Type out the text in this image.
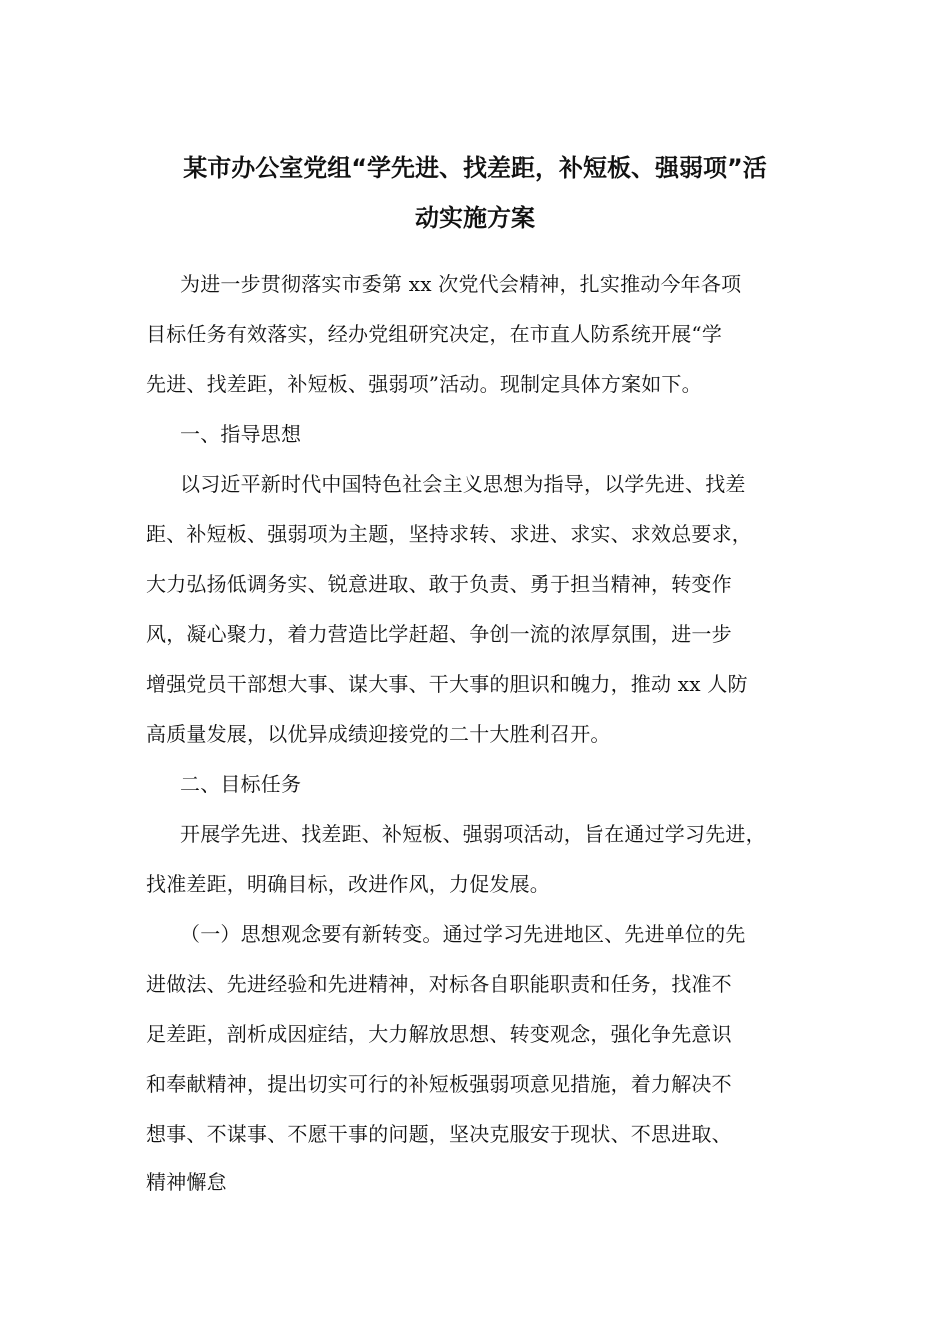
某市办公室党组“学先进、找差距，补短板、强弱项”活
动实施方案
为进一步贯彻落实市委第 xx 次党代会精神，扎实推动今年各项
目标任务有效落实，经办党组研究决定，在市直人防系统开展“学
先进、找差距，补短板、强弱项”活动。现制定具体方案如下。
一、指导思想
以习近平新时代中国特色社会主义思想为指导，以学先进、找差
距、补短板、强弱项为主题，坚持求转、求进、求实、求效总要求，
大力弘扬低调务实、锐意进取、敢于负责、勇于担当精神，转变作
风，凝心聚力，着力营造比学赶超、争创一流的浓厚氛围，进一步
增强党员干部想大事、谋大事、干大事的胆识和魄力，推动 xx 人防
高质量发展，以优异成绩迎接党的二十大胜利召开。
二、目标任务
开展学先进、找差距、补短板、强弱项活动，旨在通过学习先进，
找准差距，明确目标，改进作风，力促发展。
（一）思想观念要有新转变。通过学习先进地区、先进单位的先
进做法、先进经验和先进精神，对标各自职能职责和任务，找准不
足差距，剖析成因症结，大力解放思想、转变观念，强化争先意识
和奉献精神，提出切实可行的补短板强弱项意见措施，着力解决不
想事、不谋事、不愿干事的问题，坚决克服安于现状、不思进取、
精神懈怠
